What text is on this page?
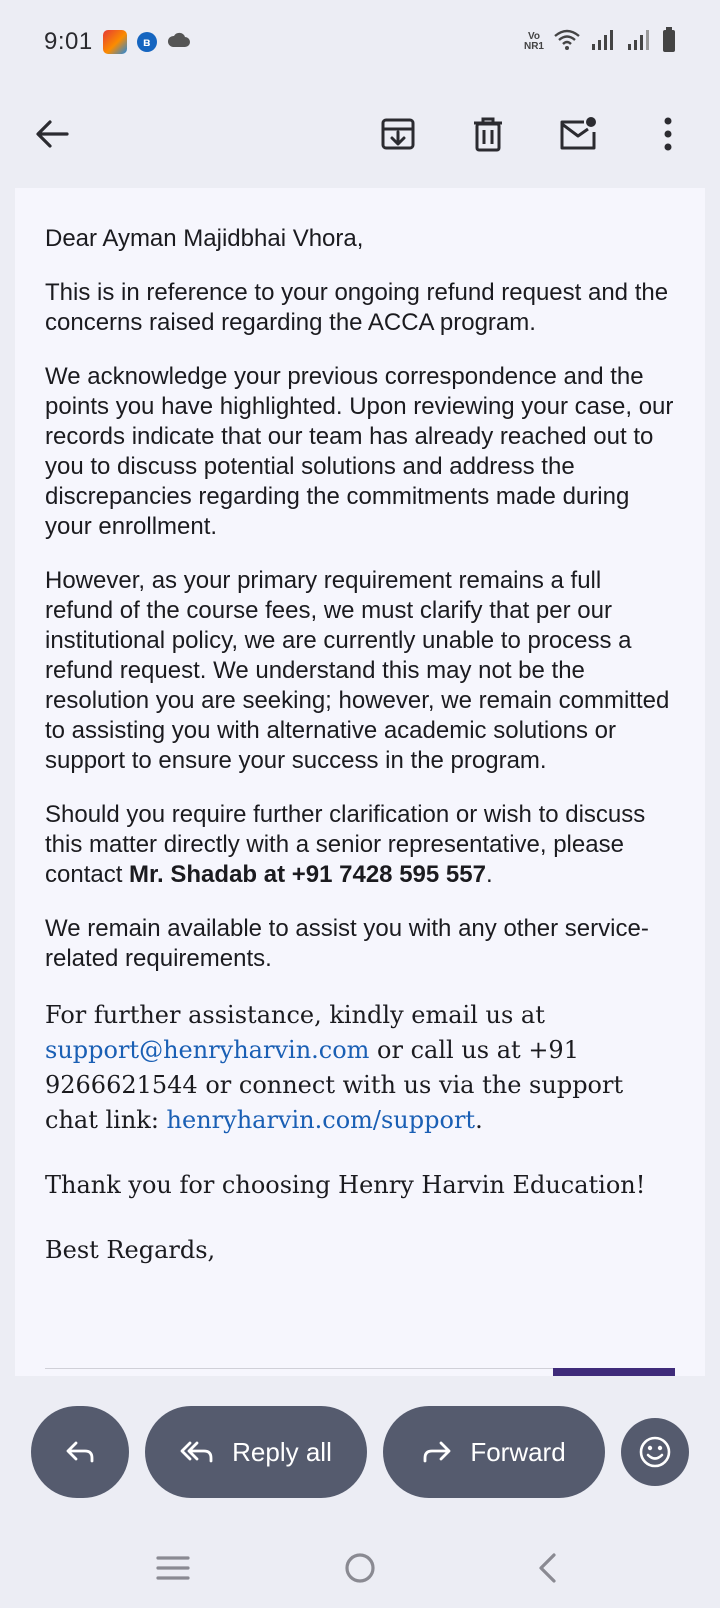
9:01	ʙ	Vo
NR1

Dear Ayman Majidbhai Vhora,

This is in reference to your ongoing refund request and the concerns raised regarding the ACCA program.

We acknowledge your previous correspondence and the points you have highlighted. Upon reviewing your case, our records indicate that our team has already reached out to you to discuss potential solutions and address the discrepancies regarding the commitments made during your enrollment.

However, as your primary requirement remains a full refund of the course fees, we must clarify that per our institutional policy, we are currently unable to process a refund request. We understand this may not be the resolution you are seeking; however, we remain committed to assisting you with alternative academic solutions or support to ensure your success in the program.

Should you require further clarification or wish to discuss this matter directly with a senior representative, please contact Mr. Shadab at +91 7428 595 557.

We remain available to assist you with any other service-related requirements.

For further assistance, kindly email us at support@henryharvin.com or call us at +91 9266621544 or connect with us via the support chat link: henryharvin.com/support.

Thank you for choosing Henry Harvin Education!

Best Regards,

Reply all	Forward
